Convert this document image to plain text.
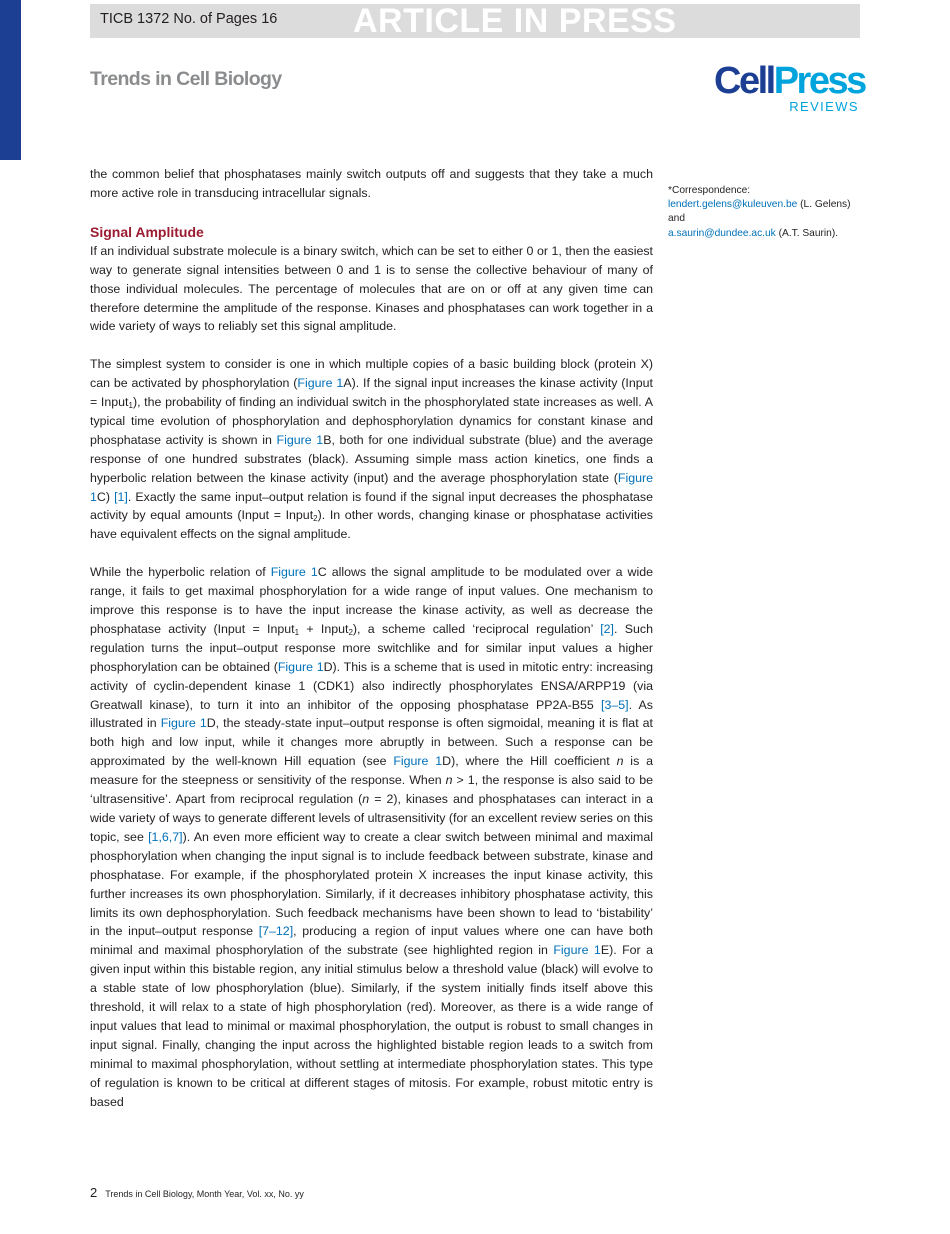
TICB 1372 No. of Pages 16 ARTICLE IN PRESS
Trends in Cell Biology	CellPress
REVIEWS

the common belief that phosphatases mainly switch outputs off and suggests that they take a much more active role in transducing intracellular signals.

Signal Amplitude

If an individual substrate molecule is a binary switch, which can be set to either 0 or 1, then the easiest way to generate signal intensities between 0 and 1 is to sense the collective behaviour of many of those individual molecules. The percentage of molecules that are on or off at any given time can therefore determine the amplitude of the response. Kinases and phosphatases can work together in a wide variety of ways to reliably set this signal amplitude.

The simplest system to consider is one in which multiple copies of a basic building block (protein X) can be activated by phosphorylation (Figure 1A). If the signal input increases the kinase activity (Input = Input$_1$), the probability of finding an individual switch in the phosphorylated state increases as well. A typical time evolution of phosphorylation and dephosphorylation dynamics for constant kinase and phosphatase activity is shown in Figure 1B, both for one individual substrate (blue) and the average response of one hundred substrates (black). Assuming simple mass action kinetics, one finds a hyperbolic relation between the kinase activity (input) and the average phosphorylation state (Figure 1C) [1]. Exactly the same input–output relation is found if the signal input decreases the phosphatase activity by equal amounts (Input = Input$_2$). In other words, changing kinase or phosphatase activities have equivalent effects on the signal amplitude.

While the hyperbolic relation of Figure 1C allows the signal amplitude to be modulated over a wide range, it fails to get maximal phosphorylation for a wide range of input values. One mechanism to improve this response is to have the input increase the kinase activity, as well as decrease the phosphatase activity (Input = Input$_1$ + Input$_2$), a scheme called ‘reciprocal regulation’ [2]. Such regulation turns the input–output response more switchlike and for similar input values a higher phosphorylation can be obtained (Figure 1D). This is a scheme that is used in mitotic entry: increasing activity of cyclin-dependent kinase 1 (CDK1) also indirectly phosphorylates ENSA/ARPP19 (via Greatwall kinase), to turn it into an inhibitor of the opposing phosphatase PP2A-B55 [3–5]. As illustrated in Figure 1D, the steady-state input–output response is often sigmoidal, meaning it is flat at both high and low input, while it changes more abruptly in between. Such a response can be approximated by the well-known Hill equation (see Figure 1D), where the Hill coefficient n is a measure for the steepness or sensitivity of the response. When n > 1, the response is also said to be ‘ultrasensitive’. Apart from reciprocal regulation (n = 2), kinases and phosphatases can interact in a wide variety of ways to generate different levels of ultrasensitivity (for an excellent review series on this topic, see [1,6,7]). An even more efficient way to create a clear switch between minimal and maximal phosphorylation when changing the input signal is to include feedback between substrate, kinase and phosphatase. For example, if the phosphorylated protein X increases the input kinase activity, this further increases its own phosphorylation. Similarly, if it decreases inhibitory phosphatase activity, this limits its own dephosphorylation. Such feedback mechanisms have been shown to lead to ‘bistability’ in the input–output response [7–12], producing a region of input values where one can have both minimal and maximal phosphorylation of the substrate (see highlighted region in Figure 1E). For a given input within this bistable region, any initial stimulus below a threshold value (black) will evolve to a stable state of low phosphorylation (blue). Similarly, if the system initially finds itself above this threshold, it will relax to a state of high phosphorylation (red). Moreover, as there is a wide range of input values that lead to minimal or maximal phosphorylation, the output is robust to small changes in input signal. Finally, changing the input across the highlighted bistable region leads to a switch from minimal to maximal phosphorylation, without settling at intermediate phosphorylation states. This type of regulation is known to be critical at different stages of mitosis. For example, robust mitotic entry is based

*Correspondence:
lendert.gelens@kuleuven.be (L. Gelens)
and
a.saurin@dundee.ac.uk (A.T. Saurin).
2 Trends in Cell Biology, Month Year, Vol. xx, No. yy
